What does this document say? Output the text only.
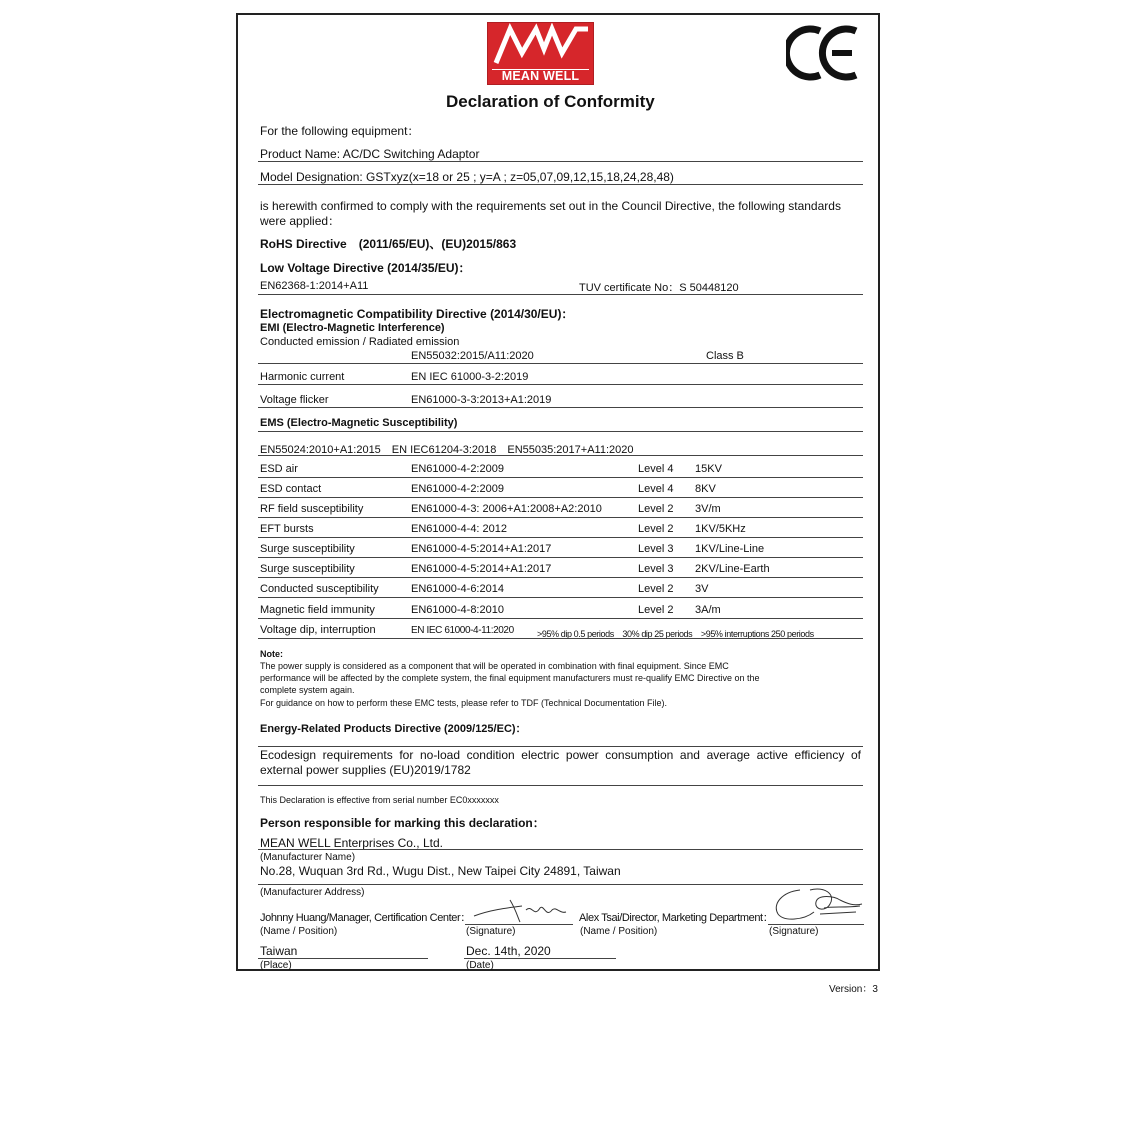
MEAN WELL
Declaration of Conformity
For the following equipment：
Product Name: AC/DC Switching Adaptor
Model Designation: GSTxyz(x=18 or 25 ; y=A ; z=05,07,09,12,15,18,24,28,48)
is herewith confirmed to comply with the requirements set out in the Council Directive, the following standards
were applied：
RoHS Directive　(2011/65/EU)、(EU)2015/863
Low Voltage Directive (2014/35/EU)：
EN62368-1:2014+A11	TUV certificate No：S 50448120
Electromagnetic Compatibility Directive (2014/30/EU)：
EMI (Electro-Magnetic Interference)
Conducted emission / Radiated emission
EN55032:2015/A11:2020	Class B
Harmonic current	EN IEC 61000-3-2:2019
Voltage flicker	EN61000-3-3:2013+A1:2019
EMS (Electro-Magnetic Susceptibility)
EN55024:2010+A1:2015　EN IEC61204-3:2018　EN55035:2017+A11:2020
ESD air	EN61000-4-2:2009	Level 4 15KV
ESD contact	EN61000-4-2:2009	Level 4 8KV
RF field susceptibility	EN61000-4-3: 2006+A1:2008+A2:2010	Level 2 3V/m
EFT bursts	EN61000-4-4: 2012	Level 2 1KV/5KHz
Surge susceptibility	EN61000-4-5:2014+A1:2017	Level 3 1KV/Line-Line
Surge susceptibility	EN61000-4-5:2014+A1:2017	Level 3 2KV/Line-Earth
Conducted susceptibility	EN61000-4-6:2014	Level 2 3V
Magnetic field immunity	EN61000-4-8:2010	Level 2 3A/m
Voltage dip, interruption	EN IEC 61000-4-11:2020	>95% dip 0.5 periods　30% dip 25 periods　>95% interruptions 250 periods
Note:
The power supply is considered as a component that will be operated in combination with final equipment. Since EMC
performance will be affected by the complete system, the final equipment manufacturers must re-qualify EMC Directive on the
complete system again.
For guidance on how to perform these EMC tests, please refer to TDF (Technical Documentation File).
Energy-Related Products Directive (2009/125/EC)：
Ecodesign requirements for no-load condition electric power consumption and average active efficiency of
external power supplies (EU)2019/1782
This Declaration is effective from serial number EC0xxxxxxx
Person responsible for marking this declaration：
MEAN WELL Enterprises Co., Ltd.
(Manufacturer Name)
No.28, Wuquan 3rd Rd., Wugu Dist., New Taipei City 24891, Taiwan
(Manufacturer Address)
Johnny Huang/Manager, Certification Center：	Alex Tsai/Director, Marketing Department：
(Name / Position)	(Signature)	(Name / Position)	(Signature)
Taiwan
(Place)
Dec. 14th, 2020
(Date)
Version：3
